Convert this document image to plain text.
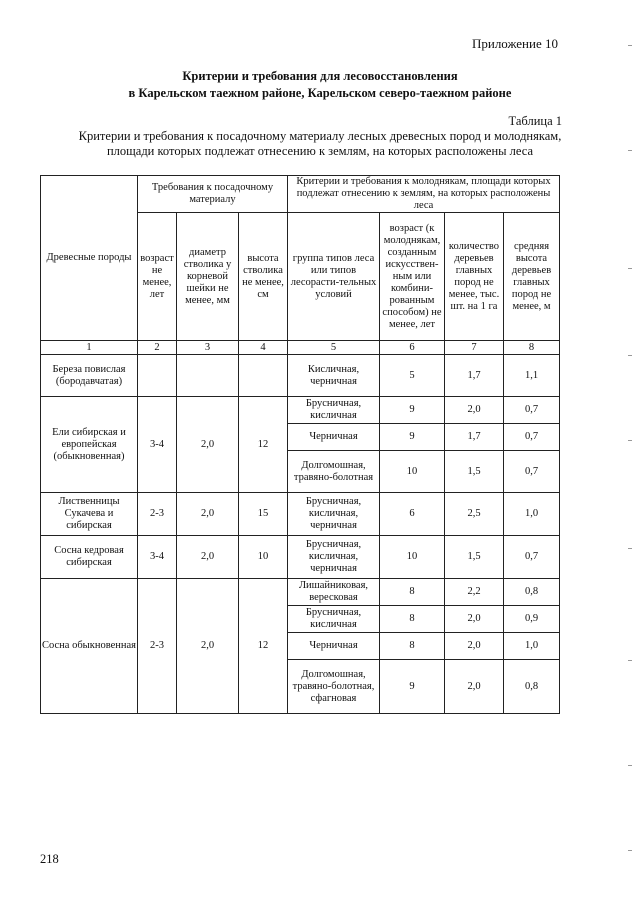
Приложение 10
Критерии и требования для лесовосстановления
в Карельском таежном районе, Карельском северо-таежном районе
Таблица 1
Критерии и требования к посадочному материалу лесных древесных пород и молоднякам,
площади которых подлежат отнесению к землям, на которых расположены леса
Древесные породы	Требования к посадочному материалу			Критерии и требования к молоднякам, площади которых подлежат отнесению к землям, на которых расположены леса			
	возраст не менее, лет	диаметр стволика у корневой шейки не менее, мм	высота стволика не менее, см	группа типов леса или типов лесорасти-тельных условий	возраст (к молоднякам, созданным искусствен-ным или комбини-рованным способом) не менее, лет	количество деревьев главных пород не менее, тыс. шт. на 1 га	средняя высота деревьев главных пород не менее, м

1	2	3	4	5	6	7	8
Береза повислая (бородавчатая)				Кисличная, черничная	5	1,7	1,1
Ели сибирская и европейская (обыкновенная)	3-4	2,0	12	Брусничная, кисличная	9	2,0	0,7
				Черничная	9	1,7	0,7
				Долгомошная, травяно-болотная	10	1,5	0,7
Лиственницы Сукачева и сибирская	2-3	2,0	15	Брусничная, кисличная, черничная	6	2,5	1,0
Сосна кедровая сибирская	3-4	2,0	10	Брусничная, кисличная, черничная	10	1,5	0,7
Сосна обыкновенная	2-3	2,0	12	Лишайниковая, вересковая	8	2,2	0,8
				Брусничная, кисличная	8	2,0	0,9
				Черничная	8	2,0	1,0
				Долгомошная, травяно-болотная, сфагновая	9	2,0	0,8
218
